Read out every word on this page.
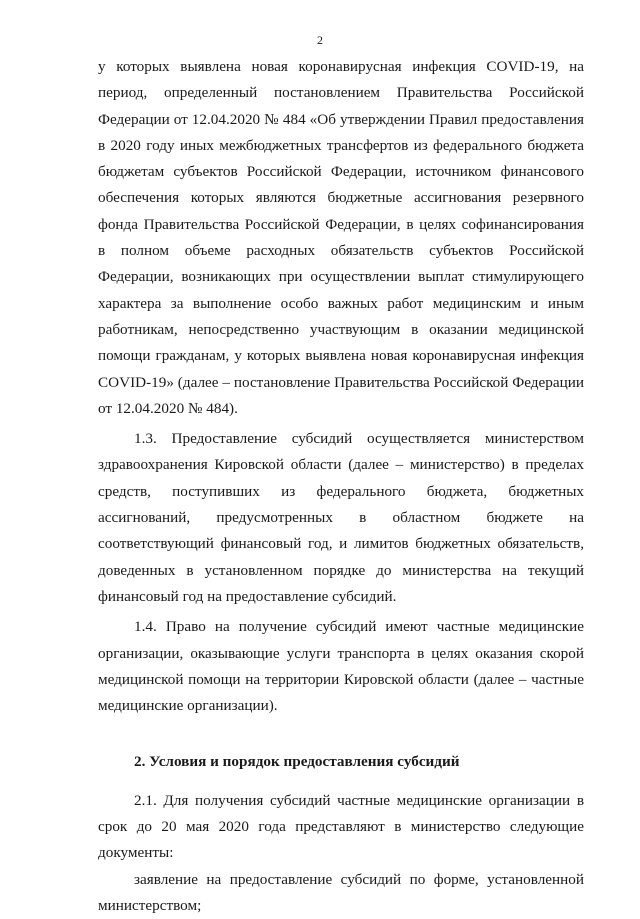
2

у которых выявлена новая коронавирусная инфекция COVID-19, на период, определенный постановлением Правительства Российской Федерации от 12.04.2020 № 484 «Об утверждении Правил предоставления в 2020 году иных межбюджетных трансфертов из федерального бюджета бюджетам субъектов Российской Федерации, источником финансового обеспечения которых являются бюджетные ассигнования резервного фонда Правительства Российской Федерации, в целях софинансирования в полном объеме расходных обязательств субъектов Российской Федерации, возникающих при осуществлении выплат стимулирующего характера за выполнение особо важных работ медицинским и иным работникам, непосредственно участвующим в оказании медицинской помощи гражданам, у которых выявлена новая коронавирусная инфекция COVID-19» (далее – постановление Правительства Российской Федерации от 12.04.2020 № 484).

1.3. Предоставление субсидий осуществляется министерством здравоохранения Кировской области (далее – министерство) в пределах средств, поступивших из федерального бюджета, бюджетных ассигнований, предусмотренных в областном бюджете на соответствующий финансовый год, и лимитов бюджетных обязательств, доведенных в установленном порядке до министерства на текущий финансовый год на предоставление субсидий.

1.4. Право на получение субсидий имеют частные медицинские организации, оказывающие услуги транспорта в целях оказания скорой медицинской помощи на территории Кировской области (далее – частные медицинские организации).

2. Условия и порядок предоставления субсидий

2.1. Для получения субсидий частные медицинские организации в срок до 20 мая 2020 года представляют в министерство следующие документы:

заявление на предоставление субсидий по форме, установленной министерством;
